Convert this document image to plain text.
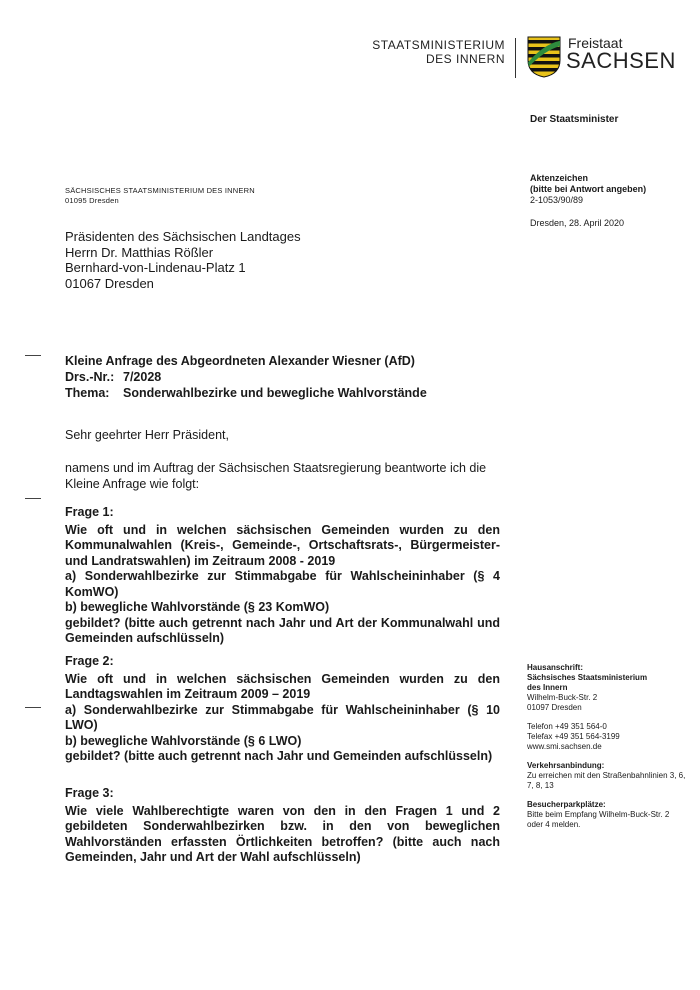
STAATSMINISTERIUM
DES INNERN
Freistaat
SACHSEN
Der Staatsminister
Aktenzeichen
(bitte bei Antwort angeben)
2-1053/90/89
Dresden, 28. April 2020
SÄCHSISCHES STAATSMINISTERIUM DES INNERN
01095 Dresden
Präsidenten des Sächsischen Landtages
Herrn Dr. Matthias Rößler
Bernhard-von-Lindenau-Platz 1
01067 Dresden
Kleine Anfrage des Abgeordneten Alexander Wiesner (AfD)
Drs.-Nr.: 7/2028
Thema: Sonderwahlbezirke und bewegliche Wahlvorstände
Sehr geehrter Herr Präsident,
namens und im Auftrag der Sächsischen Staatsregierung beantworte ich die Kleine Anfrage wie folgt:
Frage 1:

Wie oft und in welchen sächsischen Gemeinden wurden zu den Kommunalwahlen (Kreis-, Gemeinde-, Ortschaftsrats-, Bürgermeister- und Landratswahlen) im Zeitraum 2008 - 2019

a) Sonderwahlbezirke zur Stimmabgabe für Wahlscheininhaber (§ 4 KomWO)

b) bewegliche Wahlvorstände (§ 23 KomWO)

gebildet? (bitte auch getrennt nach Jahr und Art der Kommunalwahl und Gemeinden aufschlüsseln)

Frage 2:

Wie oft und in welchen sächsischen Gemeinden wurden zu den Landtagswahlen im Zeitraum 2009 – 2019

a) Sonderwahlbezirke zur Stimmabgabe für Wahlscheininhaber (§ 10 LWO)

b) bewegliche Wahlvorstände (§ 6 LWO)

gebildet? (bitte auch getrennt nach Jahr und Gemeinden aufschlüsseln)

Frage 3:

Wie viele Wahlberechtigte waren von den in den Fragen 1 und 2 gebildeten Sonderwahlbezirken bzw. in den von beweglichen Wahlvorständen erfassten Örtlichkeiten betroffen? (bitte auch nach Gemeinden, Jahr und Art der Wahl aufschlüsseln)

Hausanschrift:
Sächsisches Staatsministerium
des Innern
Wilhelm-Buck-Str. 2
01097 Dresden
Telefon +49 351 564-0
Telefax +49 351 564-3199
www.smi.sachsen.de
Verkehrsanbindung:
Zu erreichen mit den Straßenbahnlinien 3, 6, 7, 8, 13
Besucherparkplätze:
Bitte beim Empfang Wilhelm-Buck-Str. 2 oder 4 melden.
